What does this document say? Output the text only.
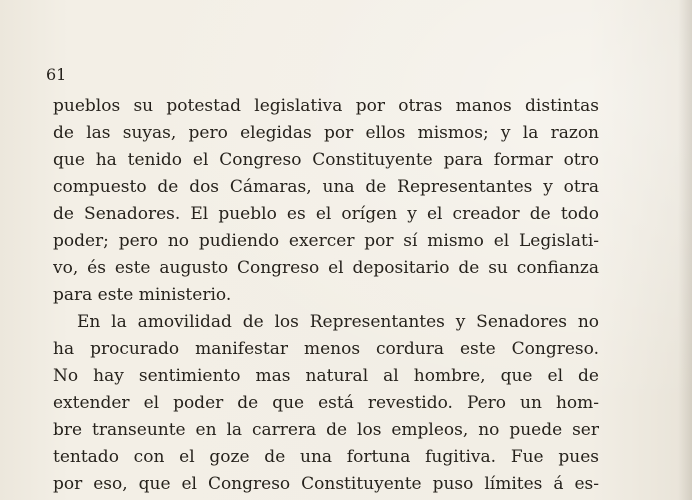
61
pueblos su potestad legislativa por otras manos distintas
de las suyas, pero elegidas por ellos mismos; y la razon
que ha tenido el Congreso Constituyente para formar otro
compuesto de dos Cámaras, una de Representantes y otra
de Senadores. El pueblo es el orígen y el creador de todo
poder; pero no pudiendo exercer por sí mismo el Legislati-
vo, és este augusto Congreso el depositario de su confianza
para este ministerio.
En la amovilidad de los Representantes y Senadores no
ha procurado manifestar menos cordura este Congreso.
No hay sentimiento mas natural al hombre, que el de
extender el poder de que está revestido. Pero un hom-
bre transeunte en la carrera de los empleos, no puede ser
tentado con el goze de una fortuna fugitiva. Fue pues
por eso, que el Congreso Constituyente puso límites á es-
